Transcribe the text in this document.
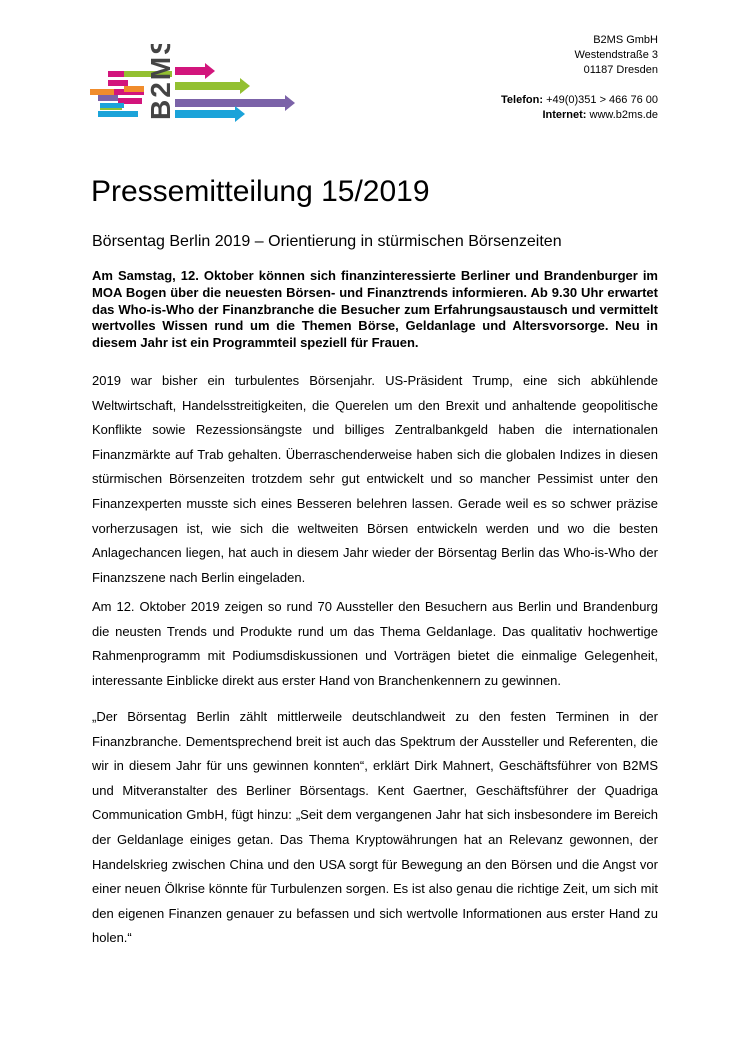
B2MS	B2MS GmbH
Westendstraße 3
01187 Dresden
Telefon: +49(0)351 > 466 76 00
Internet: www.b2ms.de
Pressemitteilung 15/2019
Börsentag Berlin 2019 – Orientierung in stürmischen Börsenzeiten

Am Samstag, 12. Oktober können sich finanzinteressierte Berliner und Brandenburger im MOA Bogen über die neuesten Börsen- und Finanztrends informieren. Ab 9.30 Uhr erwartet das Who-is-Who der Finanzbranche die Besucher zum Erfahrungsaustausch und vermittelt wertvolles Wissen rund um die Themen Börse, Geldanlage und Altersvorsorge. Neu in diesem Jahr ist ein Programmteil speziell für Frauen.

2019 war bisher ein turbulentes Börsenjahr. US-Präsident Trump, eine sich abkühlende Weltwirtschaft, Handelsstreitigkeiten, die Querelen um den Brexit und anhaltende geopolitische Konflikte sowie Rezessionsängste und billiges Zentralbankgeld haben die internationalen Finanzmärkte auf Trab gehalten. Überraschenderweise haben sich die globalen Indizes in diesen stürmischen Börsenzeiten trotzdem sehr gut entwickelt und so mancher Pessimist unter den Finanzexperten musste sich eines Besseren belehren lassen. Gerade weil es so schwer präzise vorherzusagen ist, wie sich die weltweiten Börsen entwickeln werden und wo die besten Anlagechancen liegen, hat auch in diesem Jahr wieder der Börsentag Berlin das Who-is-Who der Finanzszene nach Berlin eingeladen.

Am 12. Oktober 2019 zeigen so rund 70 Aussteller den Besuchern aus Berlin und Brandenburg die neusten Trends und Produkte rund um das Thema Geldanlage. Das qualitativ hochwertige Rahmenprogramm mit Podiumsdiskussionen und Vorträgen bietet die einmalige Gelegenheit, interessante Einblicke direkt aus erster Hand von Branchenkennern zu gewinnen.

„Der Börsentag Berlin zählt mittlerweile deutschlandweit zu den festen Terminen in der Finanzbranche. Dementsprechend breit ist auch das Spektrum der Aussteller und Referenten, die wir in diesem Jahr für uns gewinnen konnten“, erklärt Dirk Mahnert, Geschäftsführer von B2MS und Mitveranstalter des Berliner Börsentags. Kent Gaertner, Geschäftsführer der Quadriga Communication GmbH, fügt hinzu: „Seit dem vergangenen Jahr hat sich insbesondere im Bereich der Geldanlage einiges getan. Das Thema Kryptowährungen hat an Relevanz gewonnen, der Handelskrieg zwischen China und den USA sorgt für Bewegung an den Börsen und die Angst vor einer neuen Ölkrise könnte für Turbulenzen sorgen. Es ist also genau die richtige Zeit, um sich mit den eigenen Finanzen genauer zu befassen und sich wertvolle Informationen aus erster Hand zu holen.“
